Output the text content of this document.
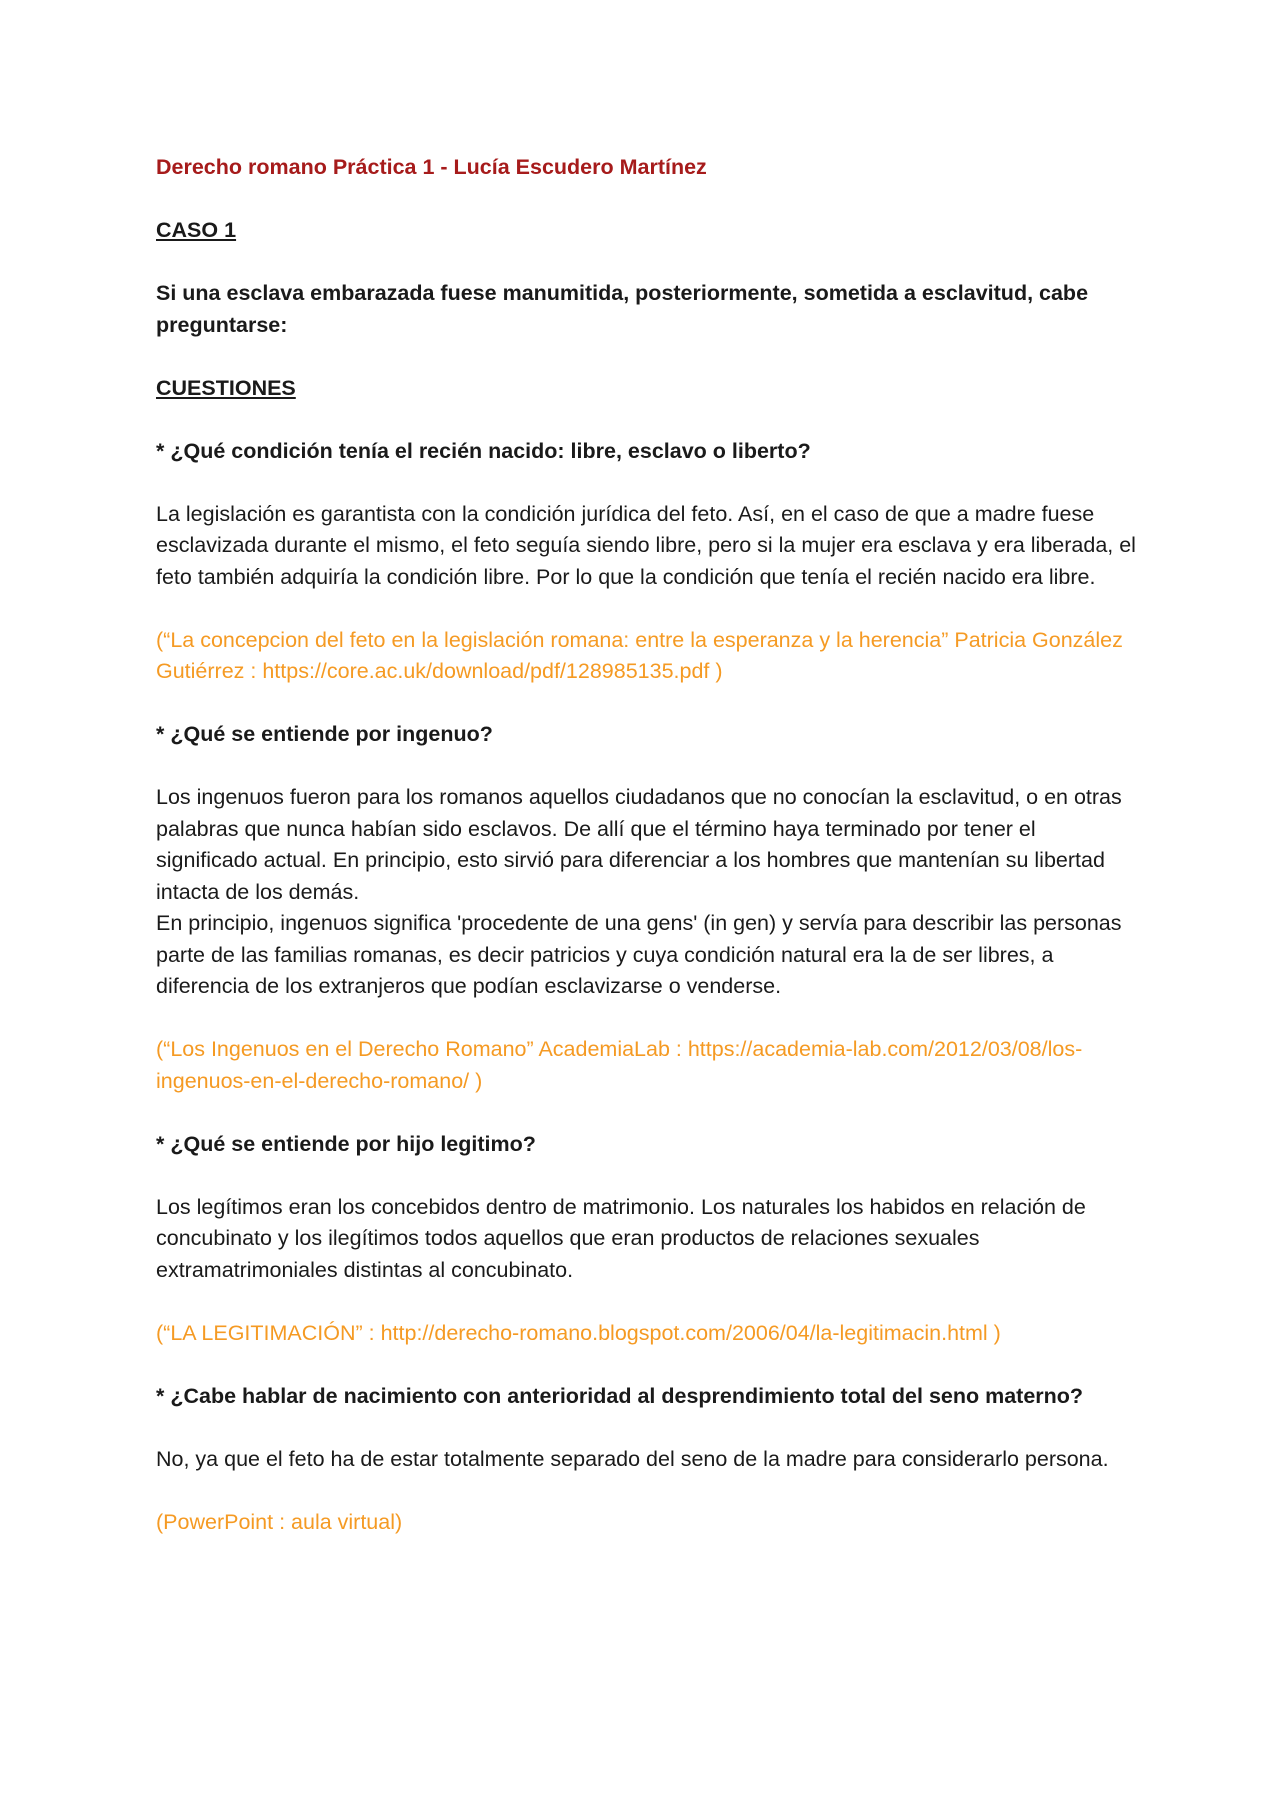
Derecho romano Práctica 1 - Lucía Escudero Martínez

CASO 1

Si una esclava embarazada fuese manumitida, posteriormente, sometida a esclavitud, cabe preguntarse:

CUESTIONES

* ¿Qué condición tenía el recién nacido: libre, esclavo o liberto?

La legislación es garantista con la condición jurídica del feto. Así, en el caso de que a madre fuese esclavizada durante el mismo, el feto seguía siendo libre, pero si la mujer era esclava y era liberada, el feto también adquiría la condición libre. Por lo que la condición que tenía el recién nacido era libre.

(“La concepcion del feto en la legislación romana: entre la esperanza y la herencia” Patricia González Gutiérrez : https://core.ac.uk/download/pdf/128985135.pdf )

* ¿Qué se entiende por ingenuo?

Los ingenuos fueron para los romanos aquellos ciudadanos que no conocían la esclavitud, o en otras palabras que nunca habían sido esclavos. De allí que el término haya terminado por tener el significado actual. En principio, esto sirvió para diferenciar a los hombres que mantenían su libertad intacta de los demás.

En principio, ingenuos significa 'procedente de una gens' (in gen) y servía para describir las personas parte de las familias romanas, es decir patricios y cuya condición natural era la de ser libres, a diferencia de los extranjeros que podían esclavizarse o venderse.

(“Los Ingenuos en el Derecho Romano” AcademiaLab : https://academia-lab.com/2012/03/08/los-ingenuos-en-el-derecho-romano/ )

* ¿Qué se entiende por hijo legitimo?

Los legítimos eran los concebidos dentro de matrimonio. Los naturales los habidos en relación de concubinato y los ilegítimos todos aquellos que eran productos de relaciones sexuales extramatrimoniales distintas al concubinato.

(“LA LEGITIMACIÓN” : http://derecho-romano.blogspot.com/2006/04/la-legitimacin.html )

* ¿Cabe hablar de nacimiento con anterioridad al desprendimiento total del seno materno?

No, ya que el feto ha de estar totalmente separado del seno de la madre para considerarlo persona.

(PowerPoint : aula virtual)
